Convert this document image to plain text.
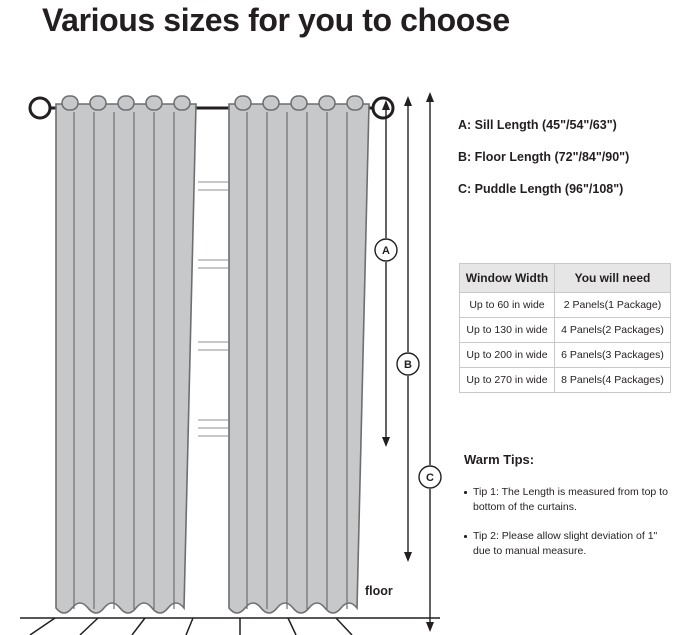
Various sizes for you to choose
A
B
C
floor
A: Sill Length (45"/54"/63")
B: Floor Length (72"/84"/90")
C: Puddle Length (96"/108")
Window Width	You will need
Up to 60 in wide	2 Panels(1 Package)
Up to 130 in wide	4 Panels(2 Packages)
Up to 200 in wide	6 Panels(3 Packages)
Up to 270 in wide	8 Panels(4 Packages)
Warm Tips:
Tip 1: The Length is measured from top to bottom of the curtains.
Tip 2: Please allow slight deviation of 1" due to manual measure.
